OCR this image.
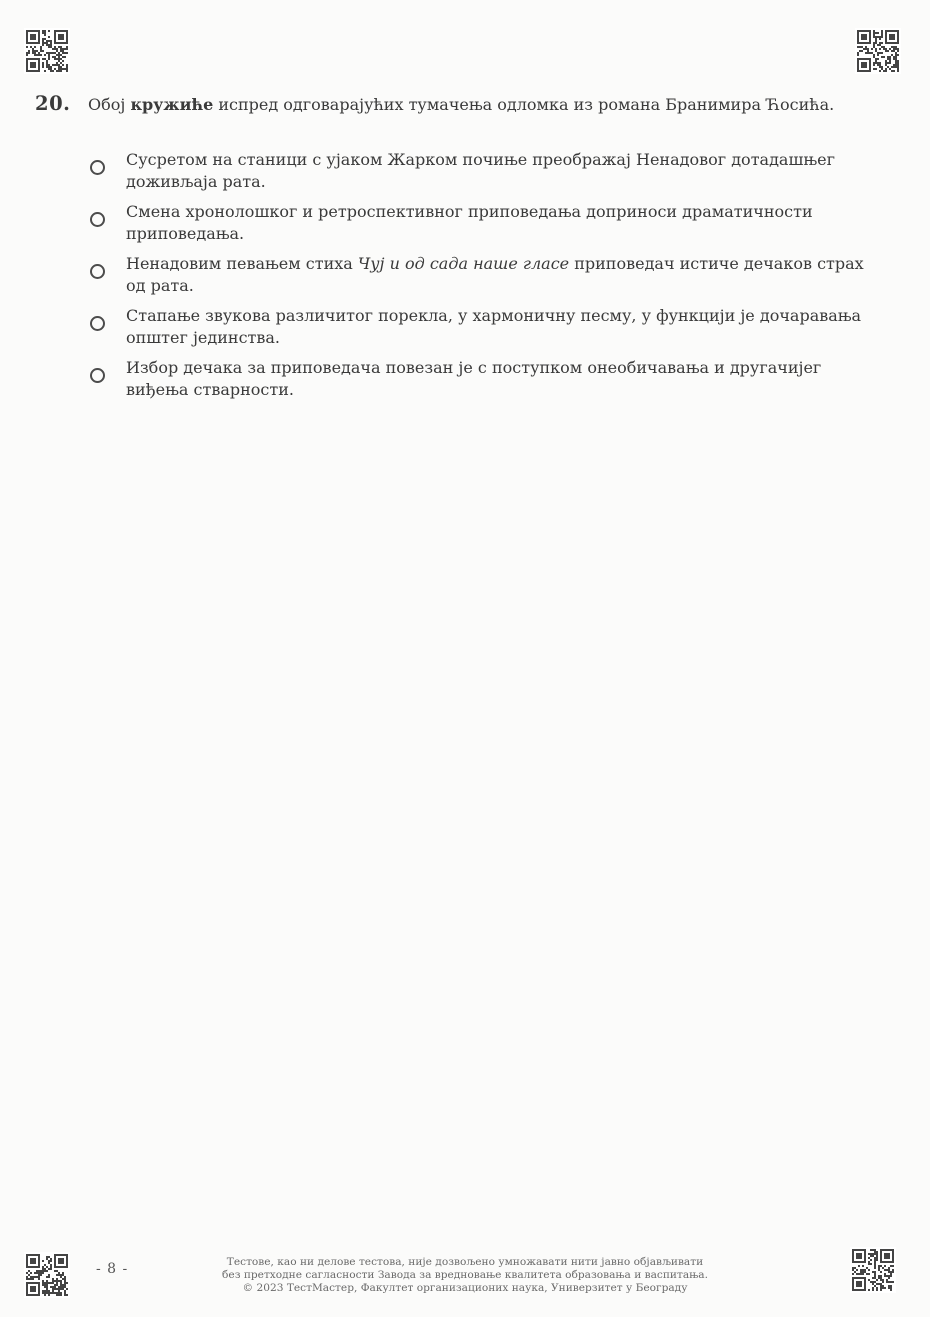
20.	Обој кружиће испред одговарајућих тумачења одломка из романа Бранимира Ћосића.
Сусретом на станици с ујаком Жарком почиње преображај Ненадовог дотадашњег доживљаја рата.
Смена хронолошког и ретроспективног приповедања доприноси драматичности приповедања.
Ненадовим певањем стиха Чуј и од сада наше гласе приповедач истиче дечаков страх од рата.
Стапање звукова различитог порекла, у хармоничну песму, у функцији је дочаравања општег јединства.
Избор дечака за приповедача повезан је с поступком онеобичавања и другачијег виђења стварности.
- 8 -	Тестове, као ни делове тестова, није дозвољено умножавати нити јавно објављивати
без претходне сагласности Завода за вредновање квалитета образовања и васпитања.
© 2023 ТестМастер, Факултет организационих наука, Универзитет у Београду
